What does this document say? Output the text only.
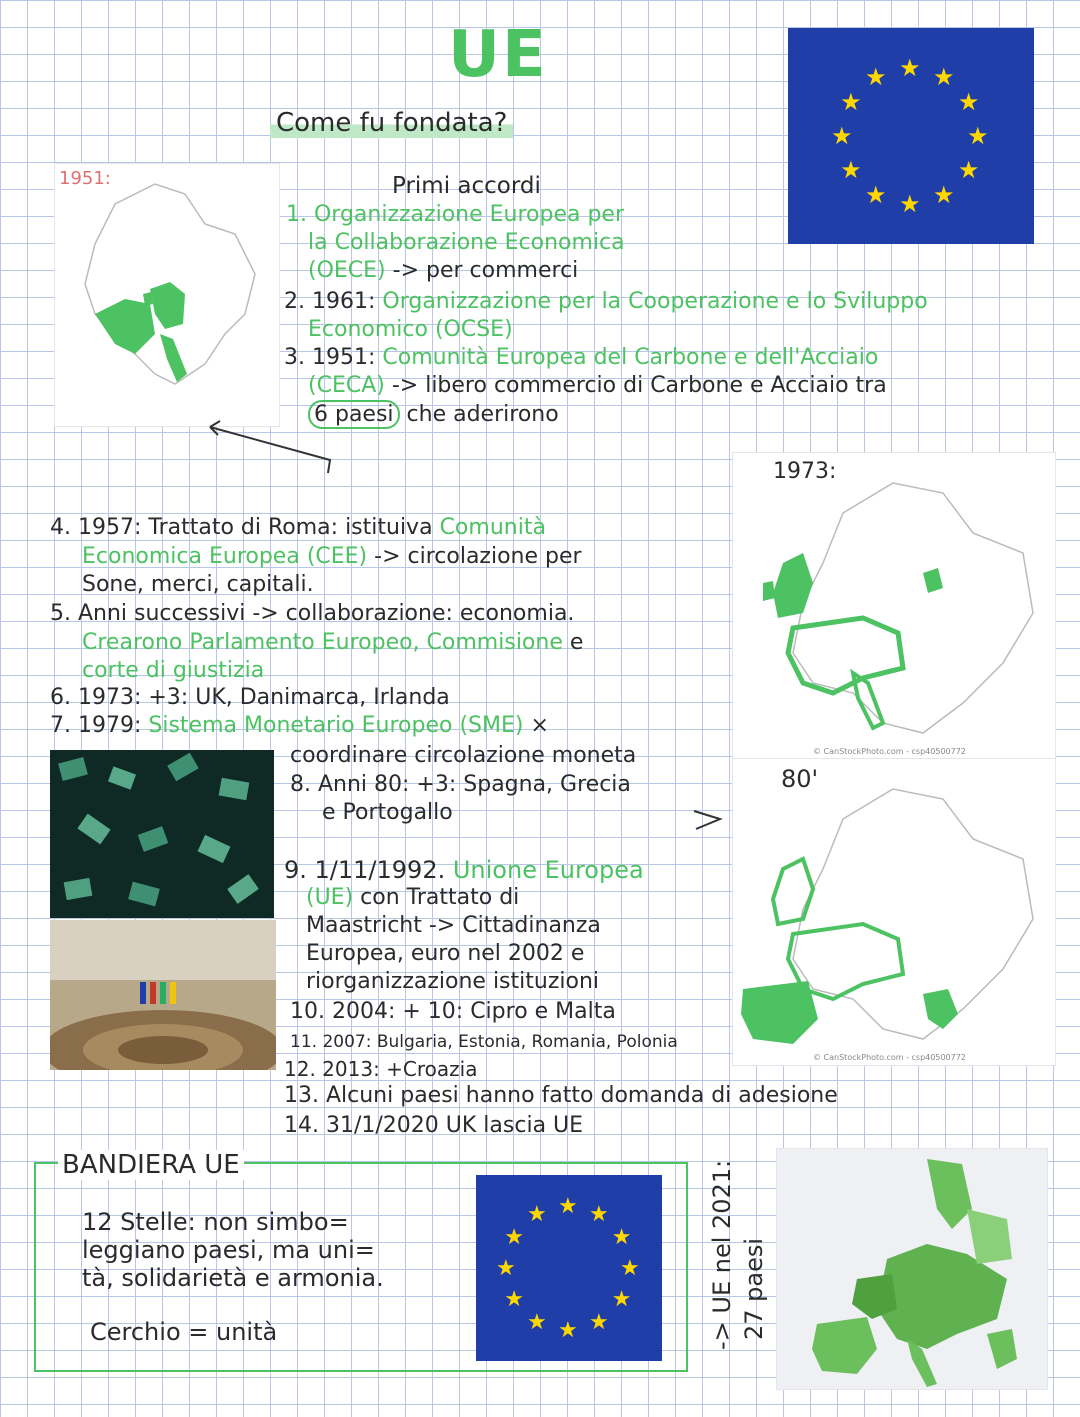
UE
Come fu fondata?
★ ★
★
★
★
★
★
★
★
★
★
★
1951:	Primi accordi
1. Organizzazione Europea per
la Collaborazione Economica
(OECE) -> per commerci
2. 1961: Organizzazione per la Cooperazione e lo Sviluppo
Economico (OCSE)
3. 1951: Comunità Europea del Carbone e dell'Acciaio
(CECA) -> libero commercio di Carbone e Acciaio tra
6 paesi che aderirono
1973:
© CanStockPhoto.com - csp40500772
80'
© CanStockPhoto.com - csp40500772
4. 1957: Trattato di Roma: istituiva Comunità
Economica Europea (CEE) -> circolazione per
Sone, merci, capitali.
5. Anni successivi -> collaborazione: economia.
Crearono Parlamento Europeo, Commisione e
corte di giustizia
6. 1973: +3: UK, Danimarca, Irlanda
7. 1979: Sistema Monetario Europeo (SME) ×
coordinare circolazione moneta
8. Anni 80: +3: Spagna, Grecia
e Portogallo
9. 1/11/1992. Unione Europea
(UE) con Trattato di
Maastricht -> Cittadinanza
Europea, euro nel 2002 e
riorganizzazione istituzioni
10. 2004: + 10: Cipro e Malta
11. 2007: Bulgaria, Estonia, Romania, Polonia
12. 2013: +Croazia
13. Alcuni paesi hanno fatto domanda di adesione
14. 31/1/2020 UK lascia UE
BANDIERA UE
12 Stelle: non simbo=
leggiano paesi, ma uni=
tà, solidarietà e armonia.
Cerchio = unità
★ ★
★
★
★
★
★
★
★
★
★
★	-> UE nel 2021: 27 paesi
